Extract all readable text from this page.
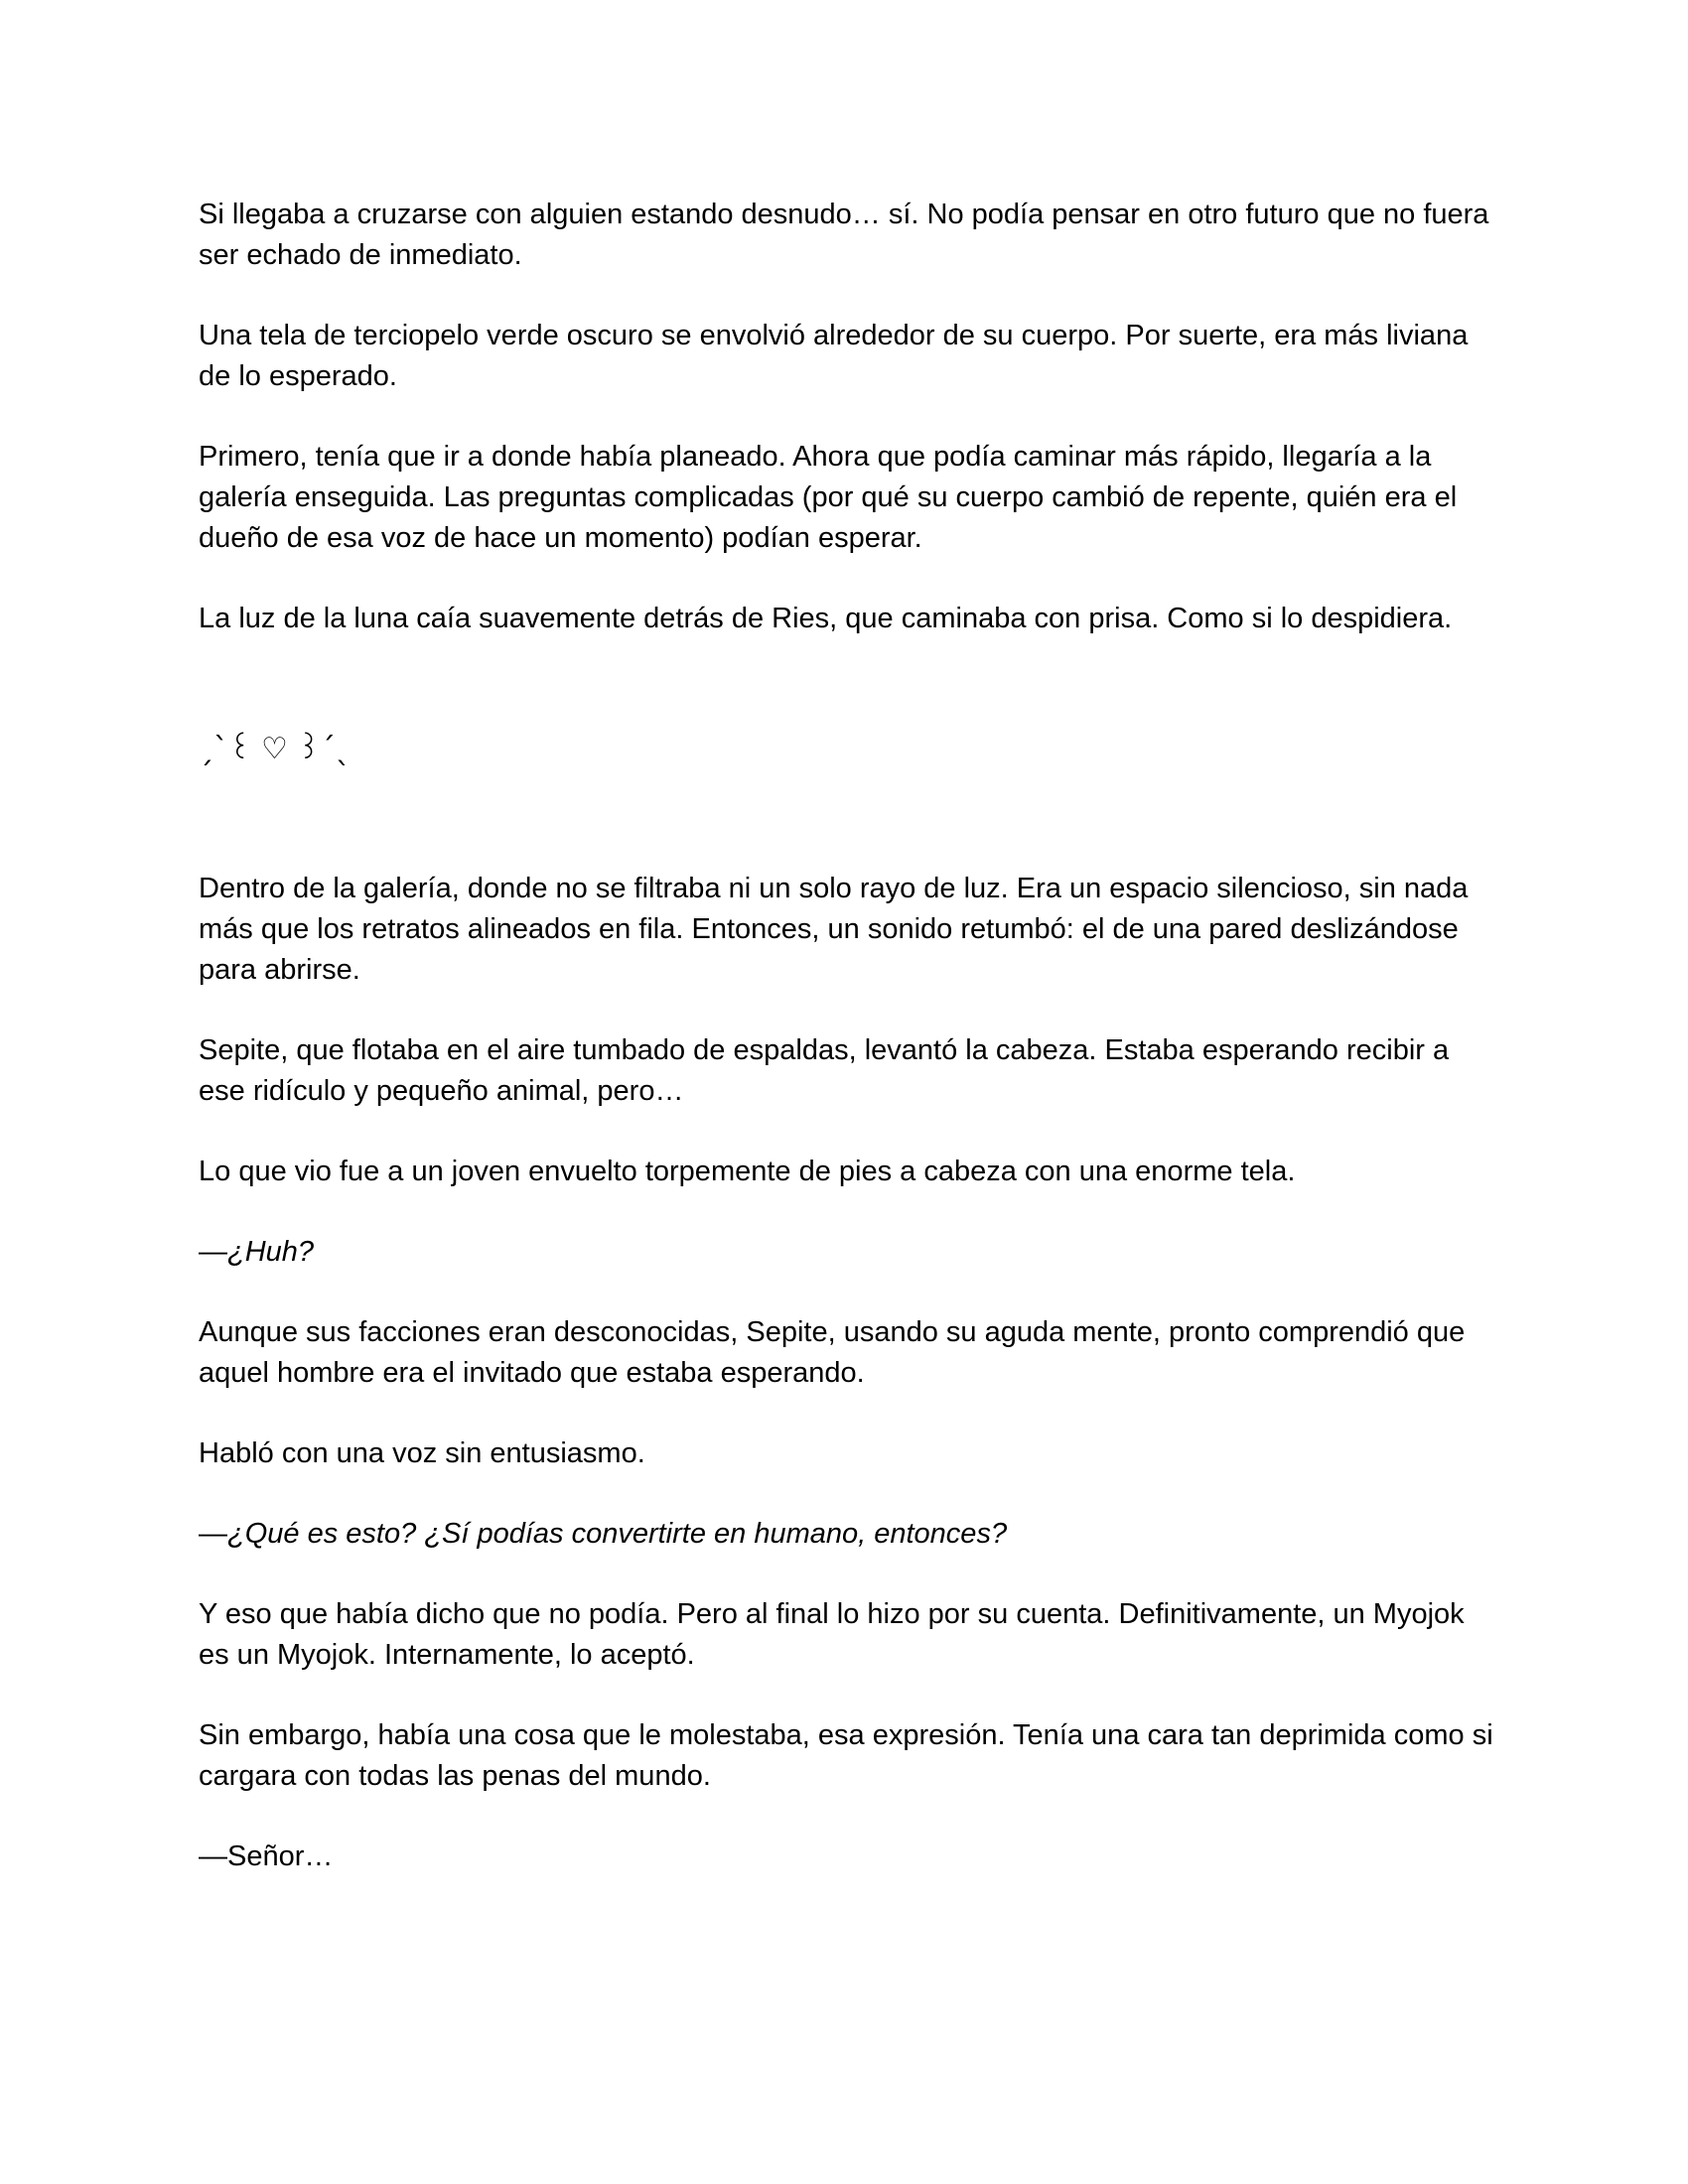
Si llegaba a cruzarse con alguien estando desnudo… sí. No podía pensar en otro futuro que no fuera ser echado de inmediato.

Una tela de terciopelo verde oscuro se envolvió alrededor de su cuerpo. Por suerte, era más liviana de lo esperado.

Primero, tenía que ir a donde había planeado. Ahora que podía caminar más rápido, llegaría a la galería enseguida. Las preguntas complicadas (por qué su cuerpo cambió de repente, quién era el dueño de esa voz de hace un momento) podían esperar.

La luz de la luna caía suavemente detrás de Ries, que caminaba con prisa. Como si lo despidiera.

ˏˋ꒰ ♡ ꒱ˊˎ

Dentro de la galería, donde no se filtraba ni un solo rayo de luz. Era un espacio silencioso, sin nada más que los retratos alineados en fila. Entonces, un sonido retumbó: el de una pared deslizándose para abrirse.

Sepite, que flotaba en el aire tumbado de espaldas, levantó la cabeza. Estaba esperando recibir a ese ridículo y pequeño animal, pero…

Lo que vio fue a un joven envuelto torpemente de pies a cabeza con una enorme tela.

—¿Huh?

Aunque sus facciones eran desconocidas, Sepite, usando su aguda mente, pronto comprendió que aquel hombre era el invitado que estaba esperando.

Habló con una voz sin entusiasmo.

—¿Qué es esto? ¿Sí podías convertirte en humano, entonces?

Y eso que había dicho que no podía. Pero al final lo hizo por su cuenta. Definitivamente, un Myojok es un Myojok. Internamente, lo aceptó.

Sin embargo, había una cosa que le molestaba, esa expresión. Tenía una cara tan deprimida como si cargara con todas las penas del mundo.

—Señor…
